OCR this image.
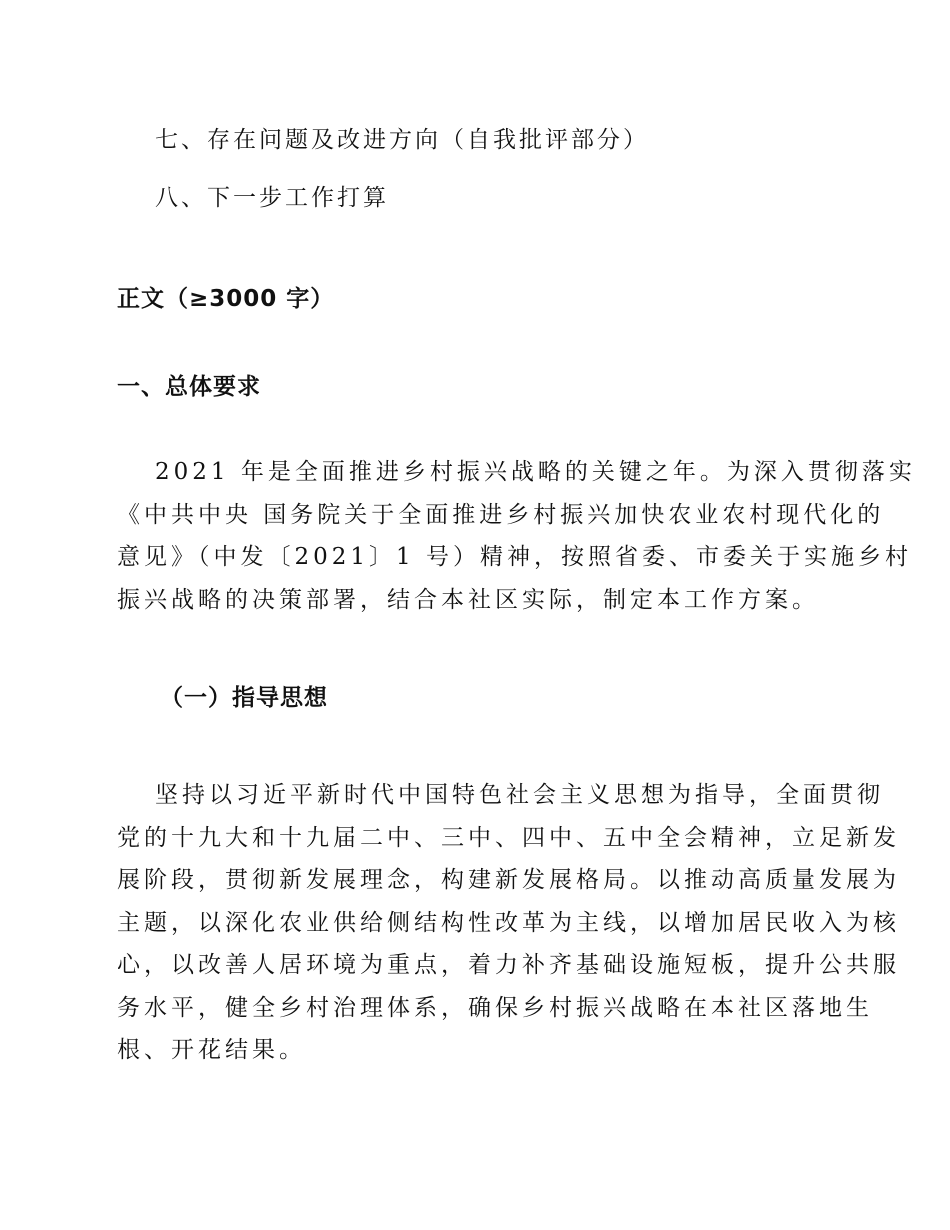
七、存在问题及改进方向（自我批评部分）
八、下一步工作打算
正文（≥3000 字）
一、总体要求
2021 年是全面推进乡村振兴战略的关键之年。为深入贯彻落实
《中共中央 国务院关于全面推进乡村振兴加快农业农村现代化的
意见》（中发〔2021〕1 号）精神，按照省委、市委关于实施乡村
振兴战略的决策部署，结合本社区实际，制定本工作方案。
（一）指导思想
坚持以习近平新时代中国特色社会主义思想为指导，全面贯彻
党的十九大和十九届二中、三中、四中、五中全会精神，立足新发
展阶段，贯彻新发展理念，构建新发展格局。以推动高质量发展为
主题，以深化农业供给侧结构性改革为主线，以增加居民收入为核
心，以改善人居环境为重点，着力补齐基础设施短板，提升公共服
务水平，健全乡村治理体系，确保乡村振兴战略在本社区落地生
根、开花结果。
